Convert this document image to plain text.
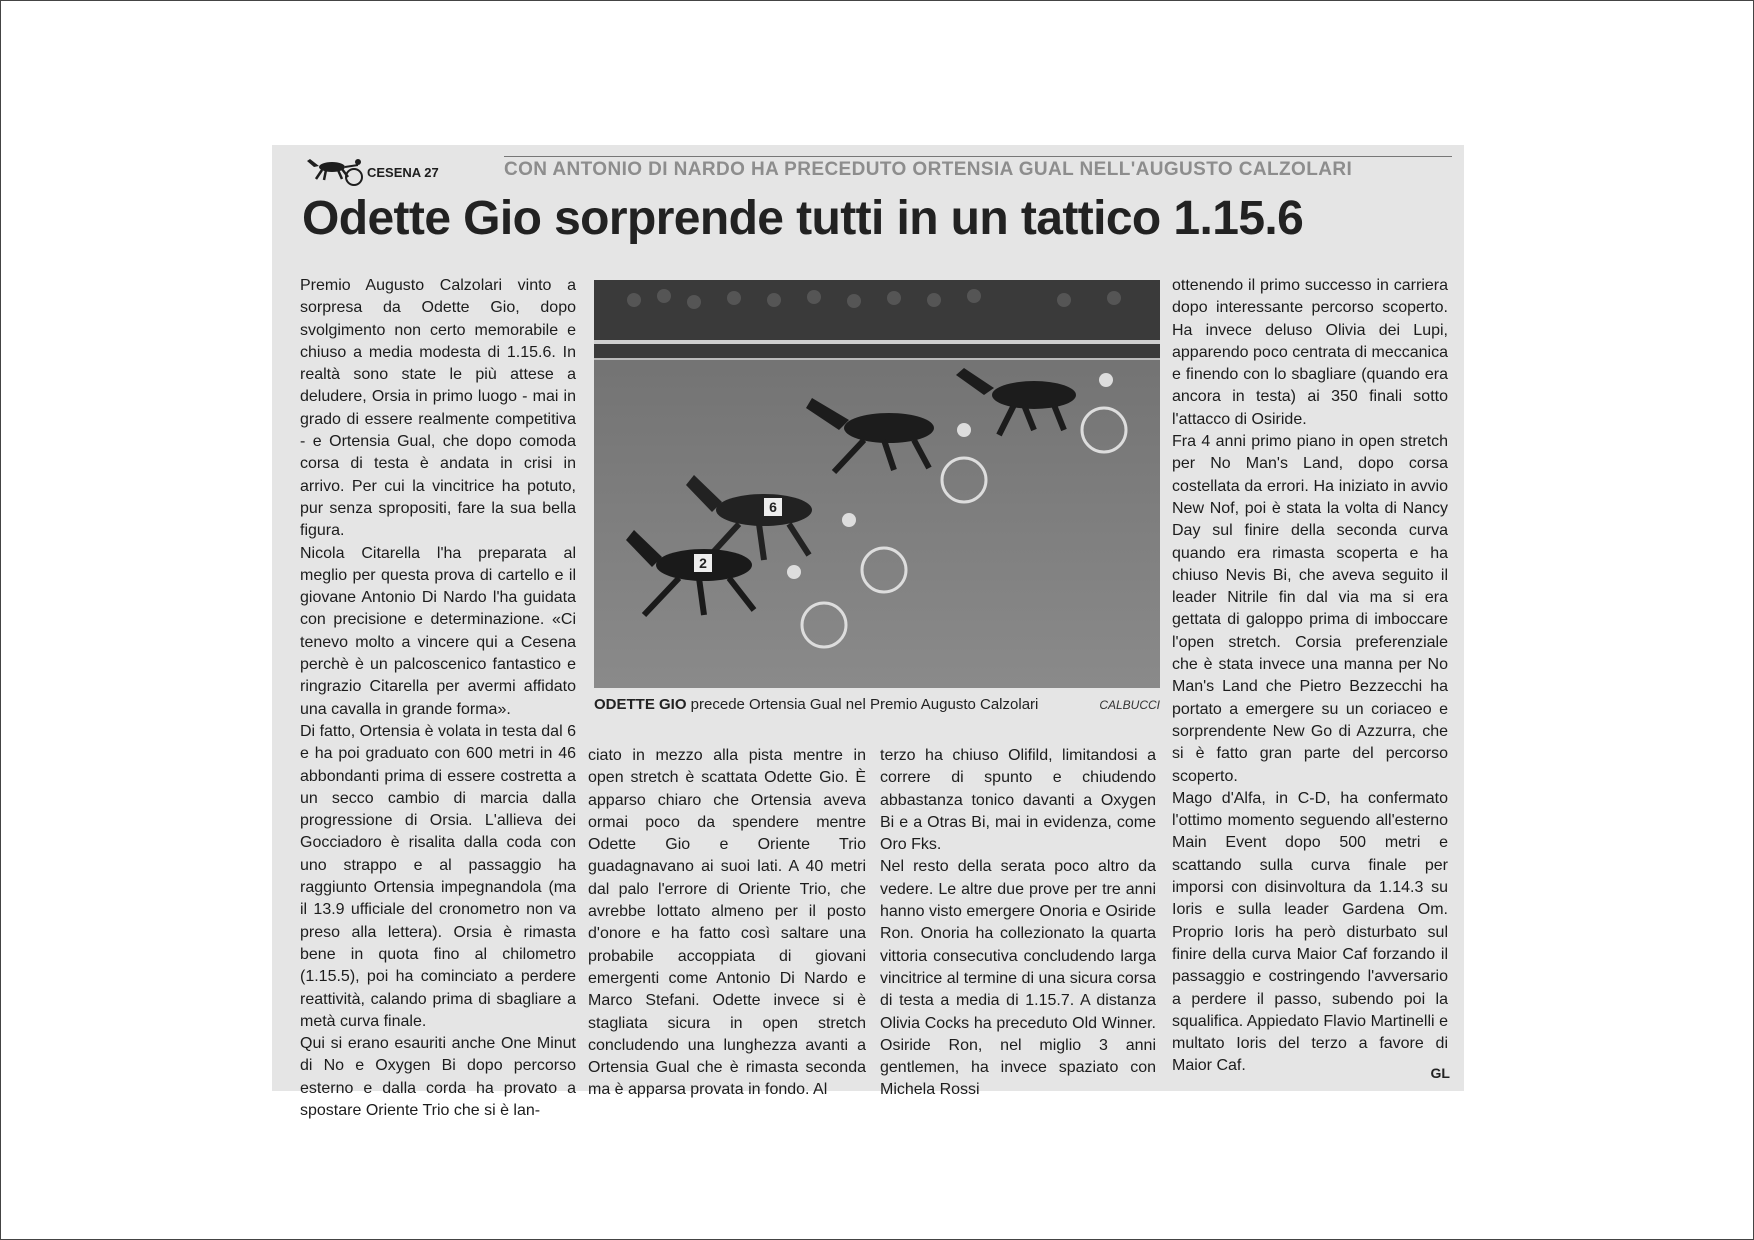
CESENA 27	CON ANTONIO DI NARDO HA PRECEDUTO ORTENSIA GUAL NELL'AUGUSTO CALZOLARI
Odette Gio sorprende tutti in un tattico 1.15.6

Premio Augusto Calzolari vinto a sorpresa da Odette Gio, dopo svolgimento non certo memorabile e chiuso a media modesta di 1.15.6. In realtà sono state le più attese a deludere, Orsia in primo luogo - mai in grado di essere realmente competitiva - e Ortensia Gual, che dopo comoda corsa di testa è andata in crisi in arrivo. Per cui la vincitrice ha potuto, pur senza spropositi, fare la sua bella figura.

Nicola Citarella l'ha preparata al meglio per questa prova di cartello e il giovane Antonio Di Nardo l'ha guidata con precisione e determinazione. «Ci tenevo molto a vincere qui a Cesena perchè è un palcoscenico fantastico e ringrazio Citarella per avermi affidato una cavalla in grande forma».

Di fatto, Ortensia è volata in testa dal 6 e ha poi graduato con 600 metri in 46 abbondanti prima di essere costretta a un secco cambio di marcia dalla progressione di Orsia. L'allieva dei Gocciadoro è risalita dalla coda con uno strappo e al passaggio ha raggiunto Ortensia impegnandola (ma il 13.9 ufficiale del cronometro non va preso alla lettera). Orsia è rimasta bene in quota fino al chilometro (1.15.5), poi ha cominciato a perdere reattività, calando prima di sbagliare a metà curva finale.

Qui si erano esauriti anche One Minut di No e Oxygen Bi dopo percorso esterno e dalla corda ha provato a spostare Oriente Trio che si è lan-

6
2
ODETTE GIO precede Ortensia Gual nel Premio Augusto Calzolari	CALBUCCI

ciato in mezzo alla pista mentre in open stretch è scattata Odette Gio. È apparso chiaro che Ortensia aveva ormai poco da spendere mentre Odette Gio e Oriente Trio guadagnavano ai suoi lati. A 40 metri dal palo l'errore di Oriente Trio, che avrebbe lottato almeno per il posto d'onore e ha fatto così saltare una probabile accoppiata di giovani emergenti come Antonio Di Nardo e Marco Stefani. Odette invece si è stagliata sicura in open stretch concludendo una lunghezza avanti a Ortensia Gual che è rimasta seconda ma è apparsa provata in fondo. Al

terzo ha chiuso Olifild, limitandosi a correre di spunto e chiudendo abbastanza tonico davanti a Oxygen Bi e a Otras Bi, mai in evidenza, come Oro Fks.

Nel resto della serata poco altro da vedere. Le altre due prove per tre anni hanno visto emergere Onoria e Osiride Ron. Onoria ha collezionato la quarta vittoria consecutiva concludendo larga vincitrice al termine di una sicura corsa di testa a media di 1.15.7. A distanza Olivia Cocks ha preceduto Old Winner. Osiride Ron, nel miglio 3 anni gentlemen, ha invece spaziato con Michela Rossi

ottenendo il primo successo in carriera dopo interessante percorso scoperto. Ha invece deluso Olivia dei Lupi, apparendo poco centrata di meccanica e finendo con lo sbagliare (quando era ancora in testa) ai 350 finali sotto l'attacco di Osiride.

Fra 4 anni primo piano in open stretch per No Man's Land, dopo corsa costellata da errori. Ha iniziato in avvio New Nof, poi è stata la volta di Nancy Day sul finire della seconda curva quando era rimasta scoperta e ha chiuso Nevis Bi, che aveva seguito il leader Nitrile fin dal via ma si era gettata di galoppo prima di imboccare l'open stretch. Corsia preferenziale che è stata invece una manna per No Man's Land che Pietro Bezzecchi ha portato a emergere su un coriaceo e sorprendente New Go di Azzurra, che si è fatto gran parte del percorso scoperto.

Mago d'Alfa, in C-D, ha confermato l'ottimo momento seguendo all'esterno Main Event dopo 500 metri e scattando sulla curva finale per imporsi con disinvoltura da 1.14.3 su Ioris e sulla leader Gardena Om. Proprio Ioris ha però disturbato sul finire della curva Maior Caf forzando il passaggio e costringendo l'avversario a perdere il passo, subendo poi la squalifica. Appiedato Flavio Martinelli e multato Ioris del terzo a favore di Maior Caf.	GL
